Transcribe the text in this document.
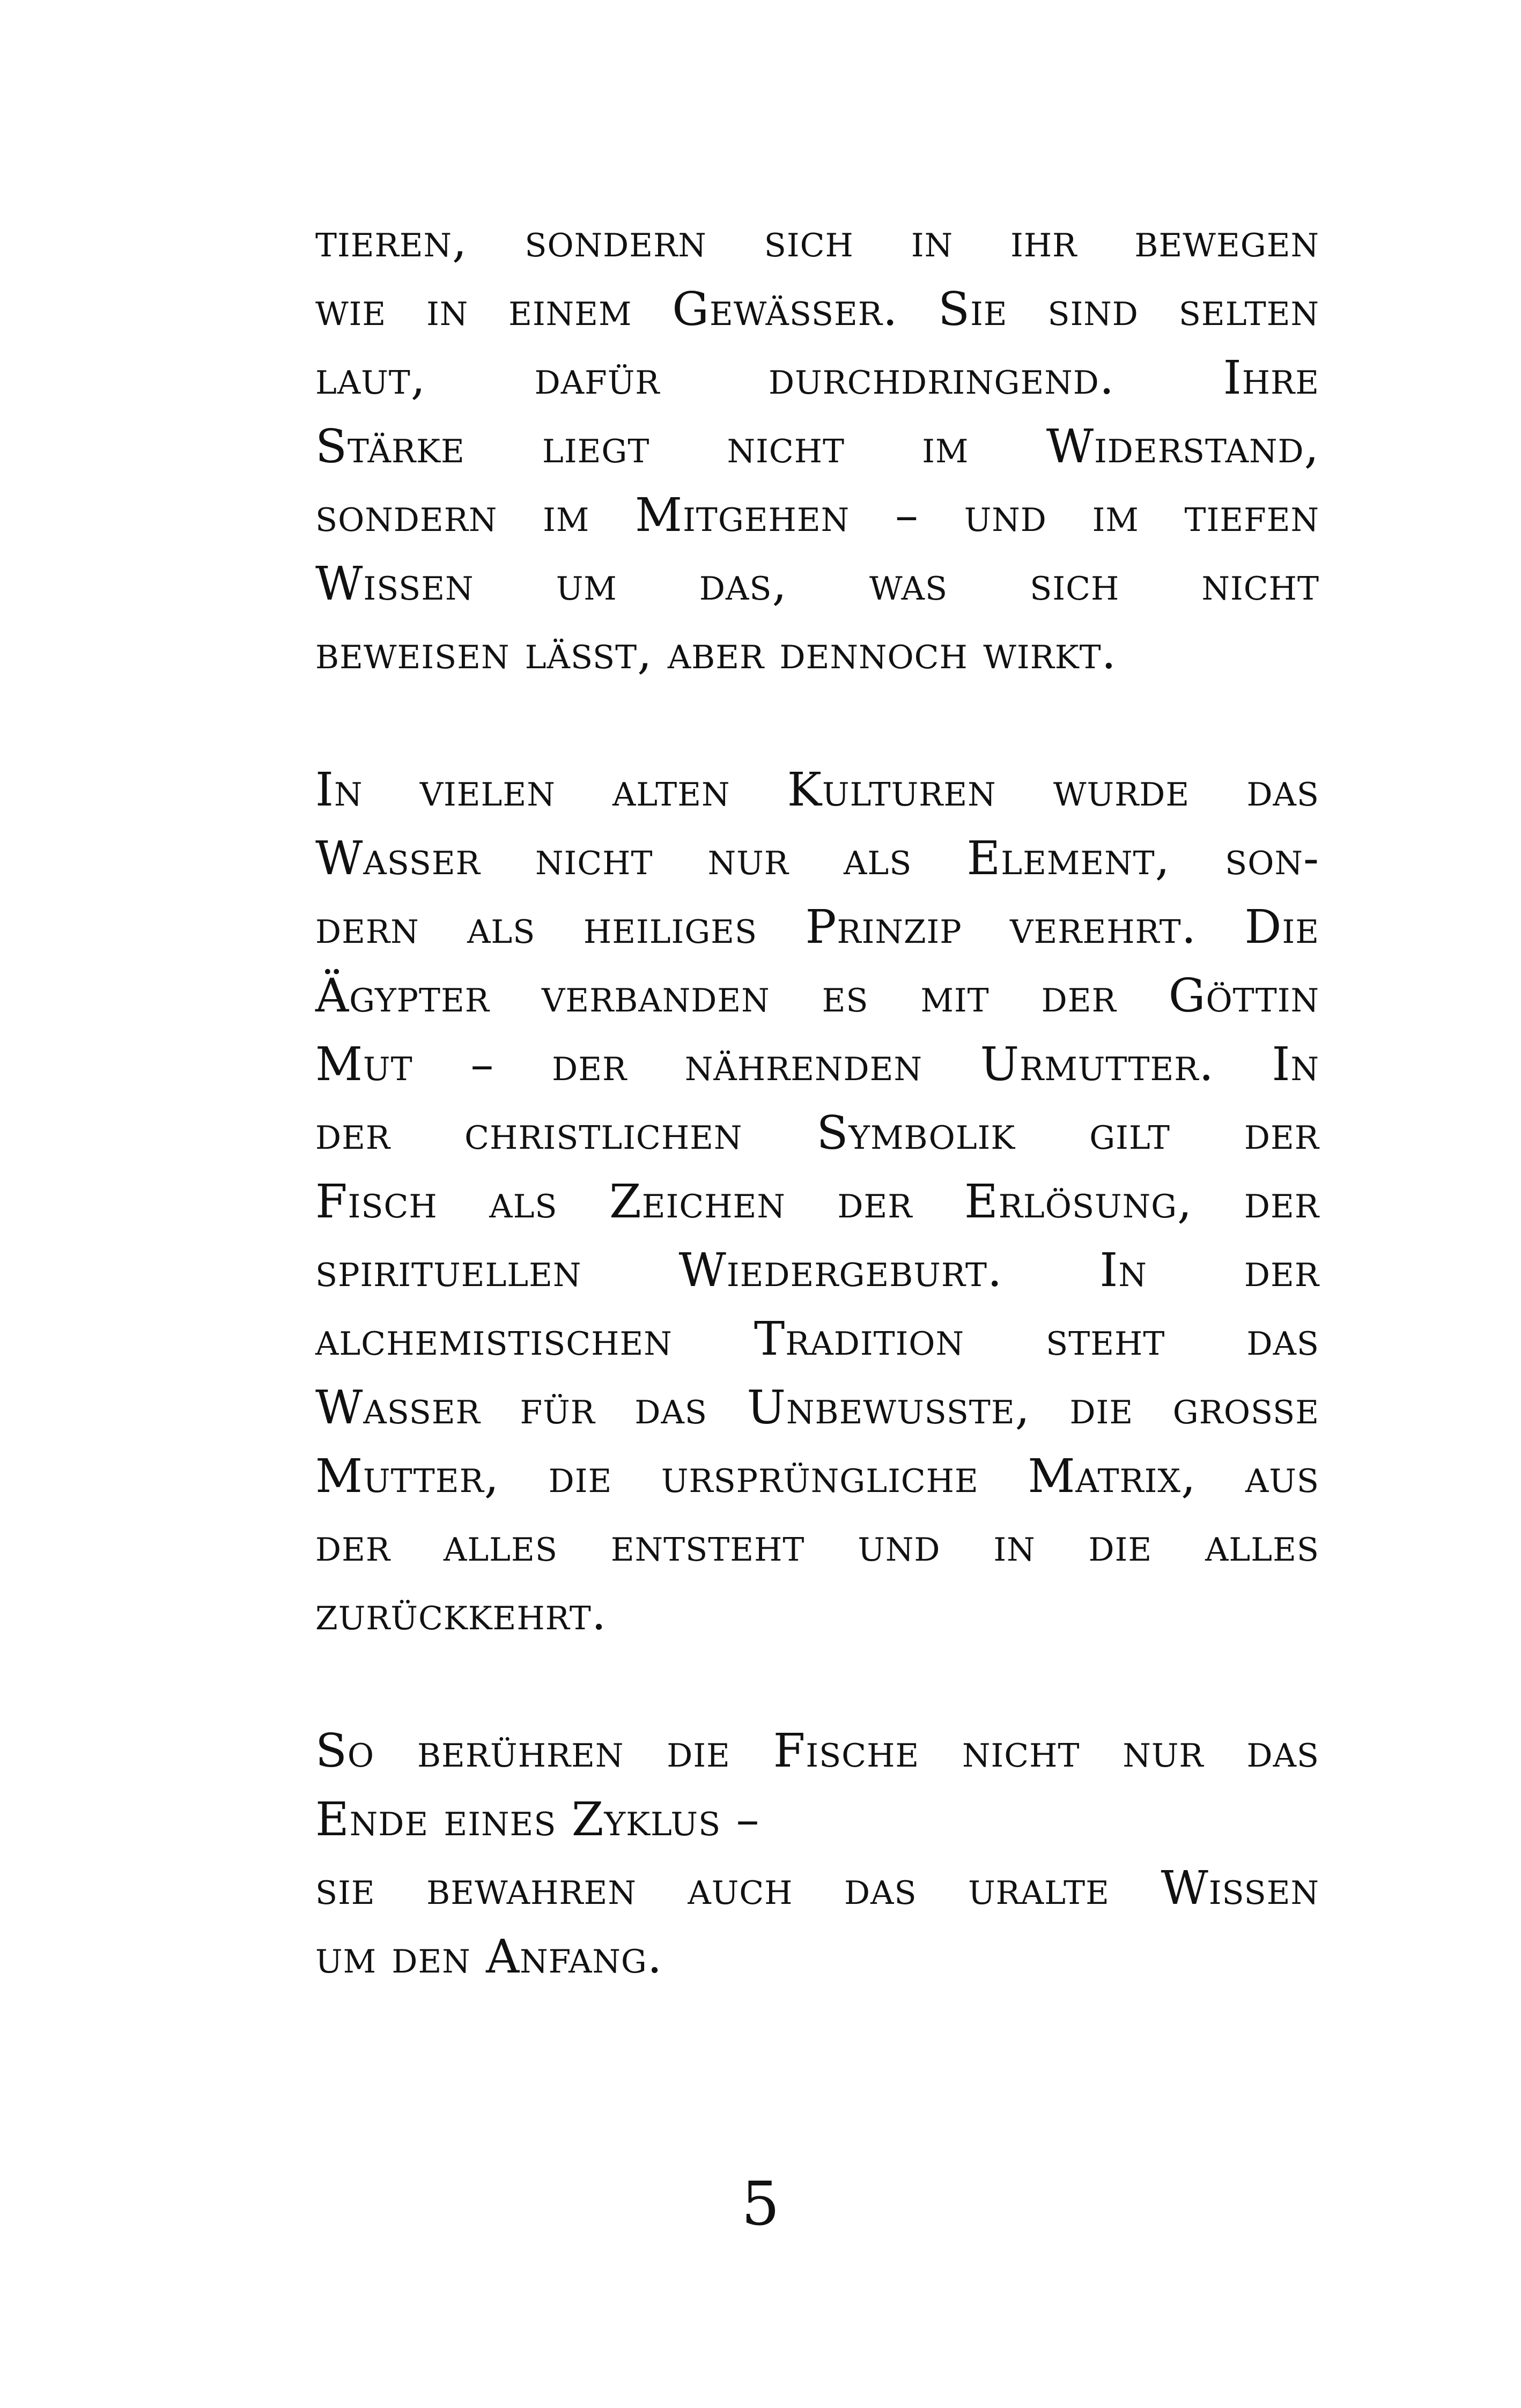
tieren, sondern sich in ihr bewegen
wie in einem Gewässer. Sie sind selten
laut, dafür durchdringend. Ihre
Stärke liegt nicht im Widerstand,
sondern im Mitgehen – und im tiefen
Wissen um das, was sich nicht
beweisen lässt, aber dennoch wirkt.
In vielen alten Kulturen wurde das
Wasser nicht nur als Element, son-
dern als heiliges Prinzip verehrt. Die
Ägypter verbanden es mit der Göttin
Mut – der nährenden Urmutter. In
der christlichen Symbolik gilt der
Fisch als Zeichen der Erlösung, der
spirituellen Wiedergeburt. In der
alchemistischen Tradition steht das
Wasser für das Unbewusste, die grosse
Mutter, die ursprüngliche Matrix, aus
der alles entsteht und in die alles
zurückkehrt.
So berühren die Fische nicht nur das
Ende eines Zyklus –
sie bewahren auch das uralte Wissen
um den Anfang.
5
